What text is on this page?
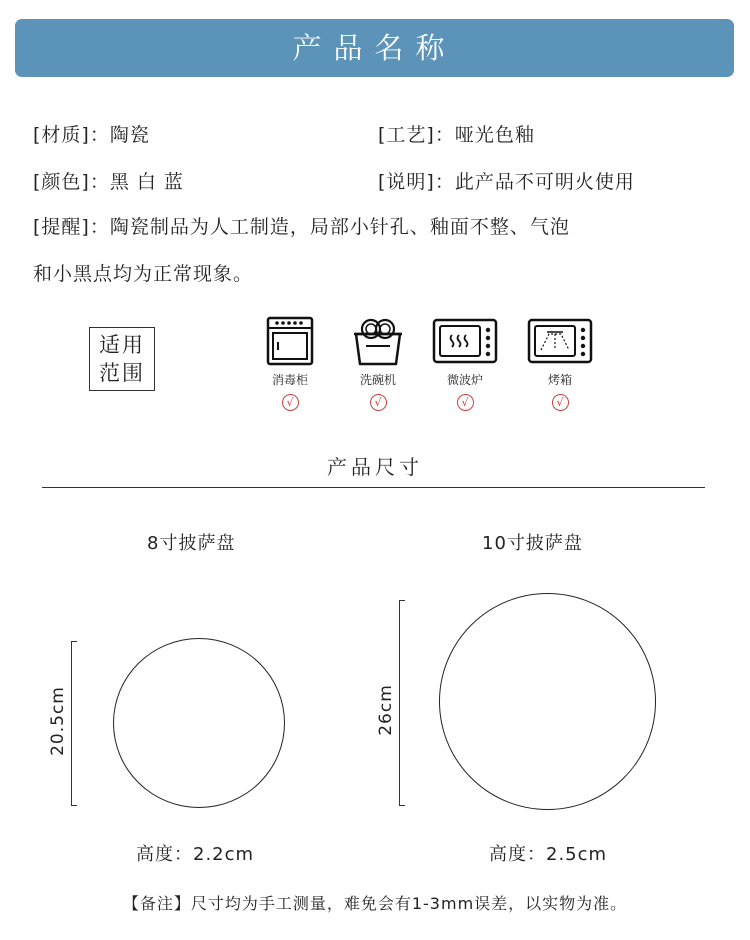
产品名称
[材质]：陶瓷	[工艺]：哑光色釉
[颜色]：黑 白 蓝	[说明]：此产品不可明火使用
[提醒]：陶瓷制品为人工制造，局部小针孔、釉面不整、气泡
和小黑点均为正常现象。
适用
范围	消毒柜
√
洗碗机
√
微波炉
√
烤箱
√
产品尺寸
8寸披萨盘
20.5cm
高度：2.2cm
10寸披萨盘
26cm
高度：2.5cm
【备注】尺寸均为手工测量，难免会有1-3mm误差，以实物为准。
